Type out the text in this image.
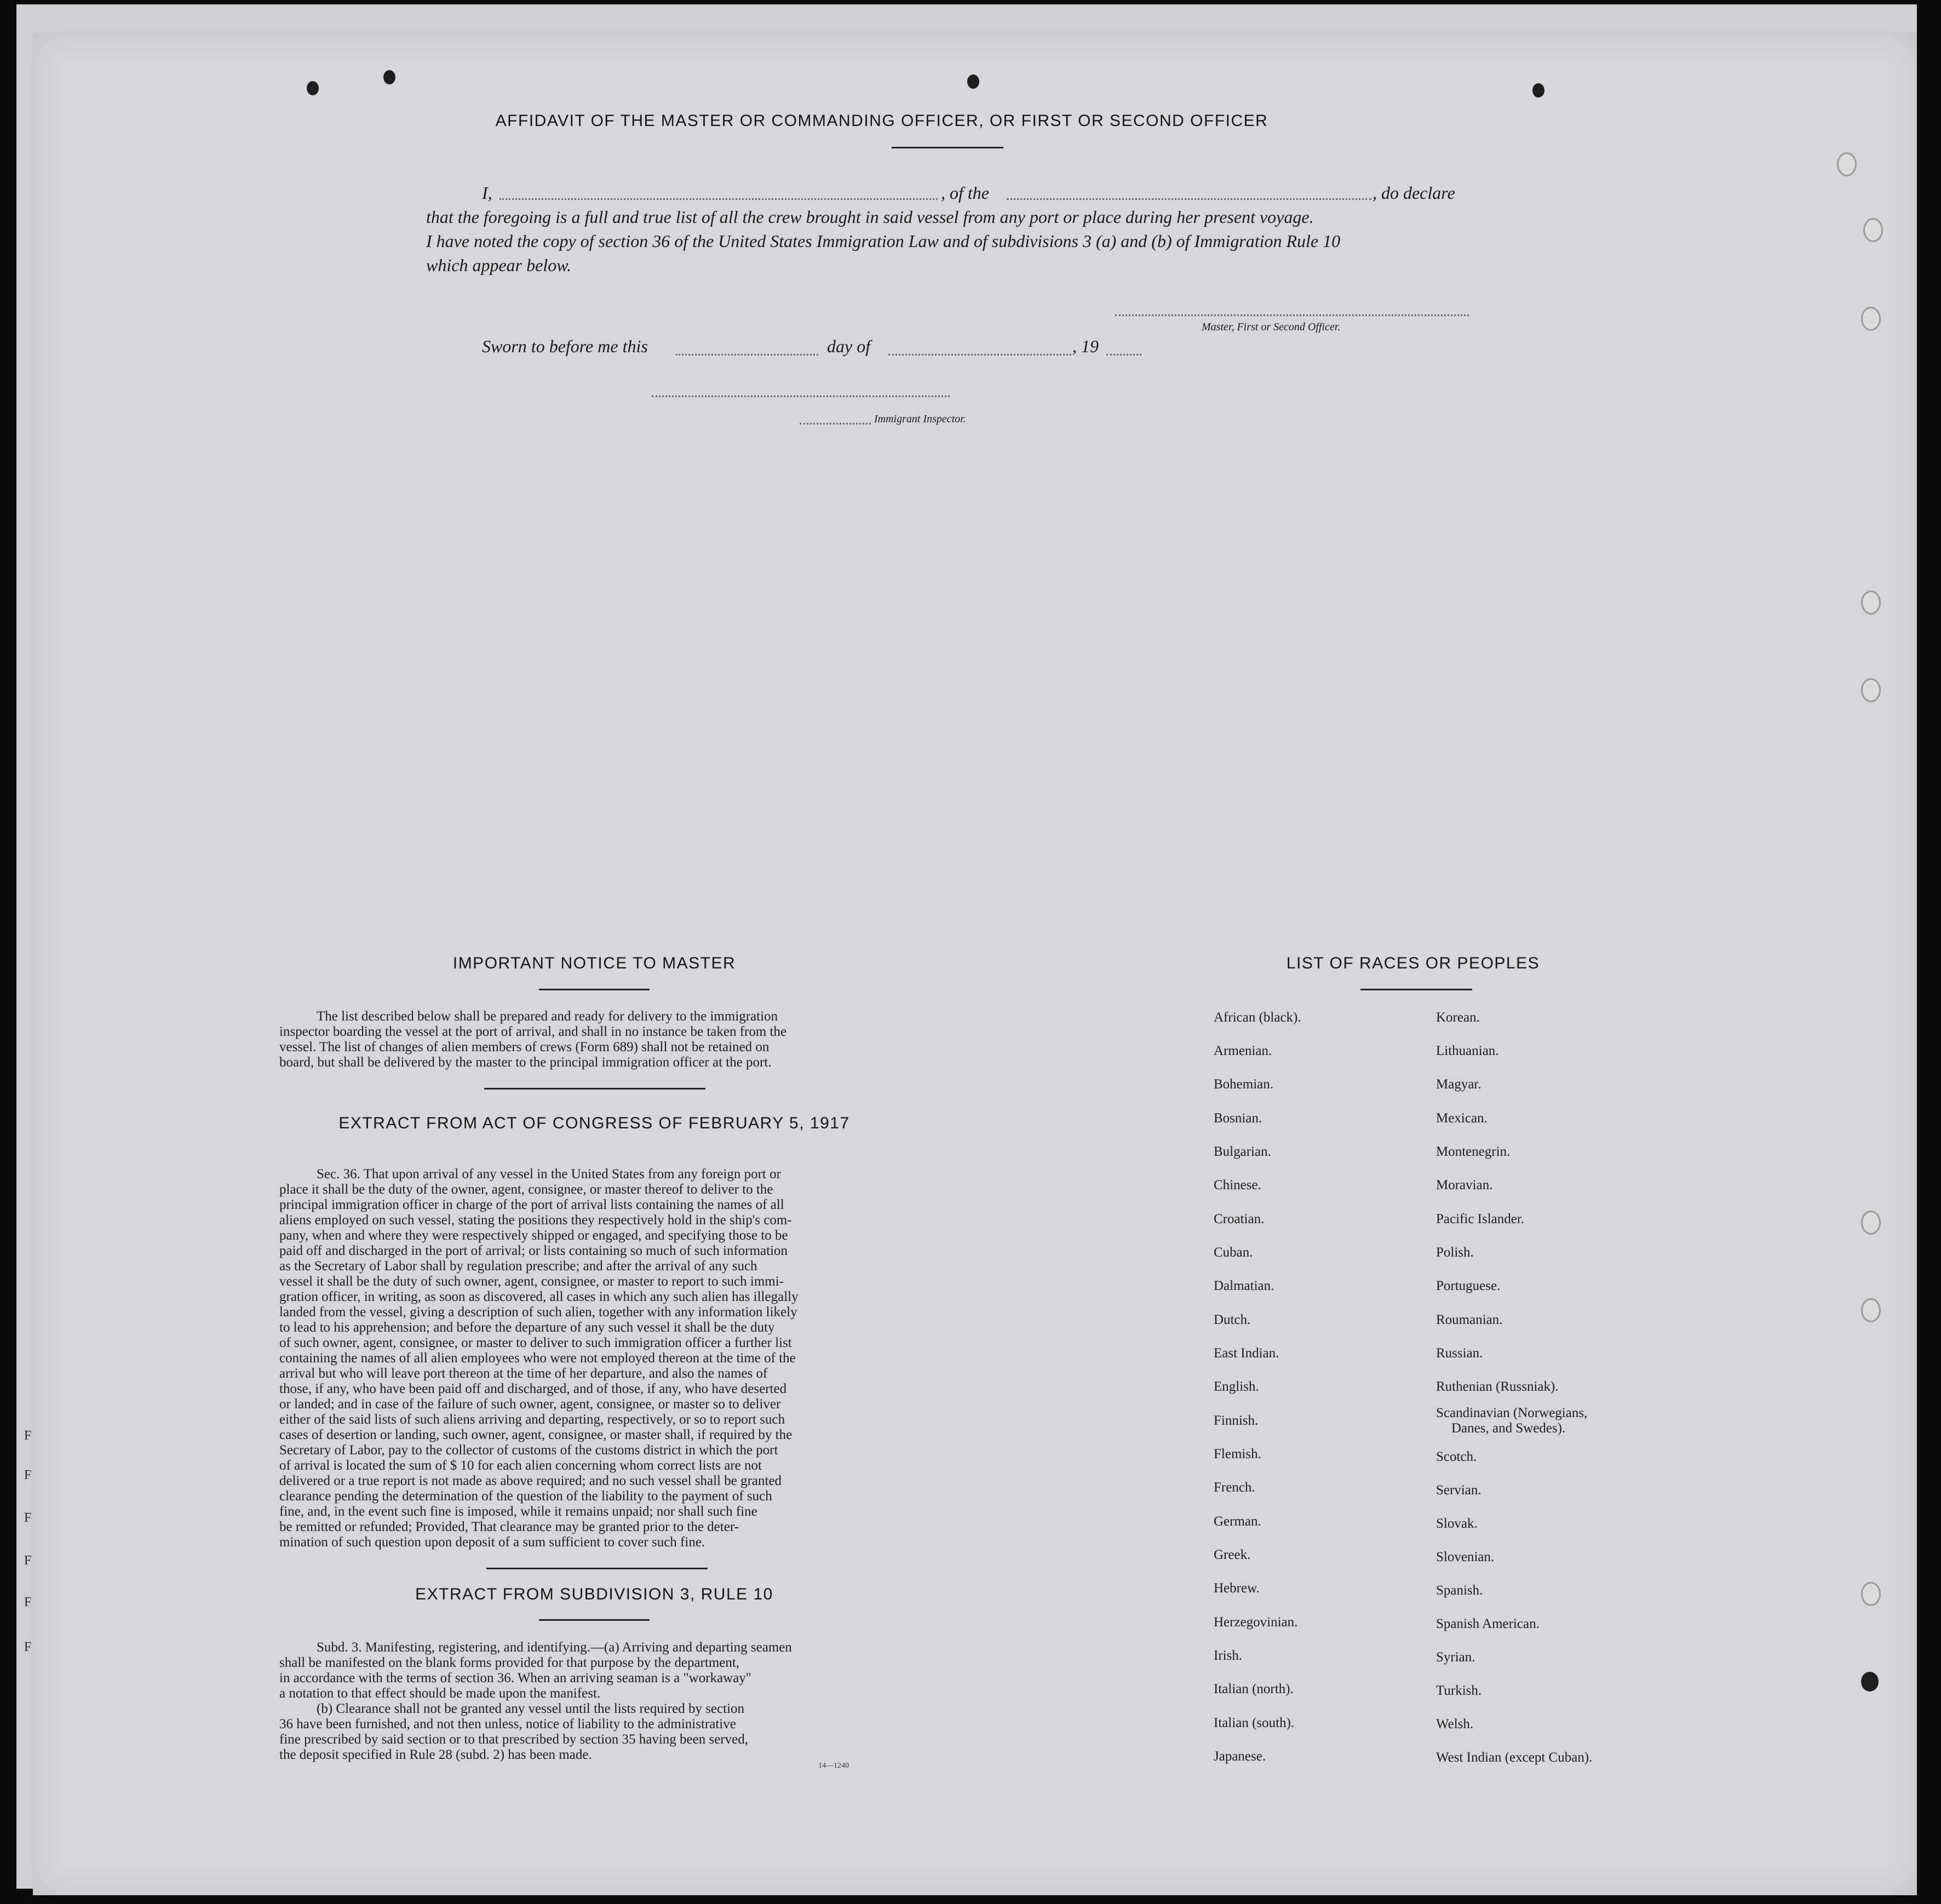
AFFIDAVIT OF THE MASTER OR COMMANDING OFFICER, OR FIRST OR SECOND OFFICER
I,	, of the	, do declare
that the foregoing is a full and true list of all the crew brought in said vessel from any port or place during her present voyage.
I have noted the copy of section 36 of the United States Immigration Law and of subdivisions 3 (a) and (b) of Immigration Rule 10
which appear below.
Master, First or Second Officer.
Sworn to before me this	day of	, 19
Immigrant Inspector.
IMPORTANT NOTICE TO MASTER
The list described below shall be prepared and ready for delivery to the immigration
inspector boarding the vessel at the port of arrival, and shall in no instance be taken from the
vessel. The list of changes of alien members of crews (Form 689) shall not be retained on
board, but shall be delivered by the master to the principal immigration officer at the port.
EXTRACT FROM ACT OF CONGRESS OF FEBRUARY 5, 1917
Sec. 36. That upon arrival of any vessel in the United States from any foreign port or
place it shall be the duty of the owner, agent, consignee, or master thereof to deliver to the
principal immigration officer in charge of the port of arrival lists containing the names of all
aliens employed on such vessel, stating the positions they respectively hold in the ship's com-
pany, when and where they were respectively shipped or engaged, and specifying those to be
paid off and discharged in the port of arrival; or lists containing so much of such information
as the Secretary of Labor shall by regulation prescribe; and after the arrival of any such
vessel it shall be the duty of such owner, agent, consignee, or master to report to such immi-
gration officer, in writing, as soon as discovered, all cases in which any such alien has illegally
landed from the vessel, giving a description of such alien, together with any information likely
to lead to his apprehension; and before the departure of any such vessel it shall be the duty
of such owner, agent, consignee, or master to deliver to such immigration officer a further list
containing the names of all alien employees who were not employed thereon at the time of the
arrival but who will leave port thereon at the time of her departure, and also the names of
those, if any, who have been paid off and discharged, and of those, if any, who have deserted
or landed; and in case of the failure of such owner, agent, consignee, or master so to deliver
either of the said lists of such aliens arriving and departing, respectively, or so to report such
cases of desertion or landing, such owner, agent, consignee, or master shall, if required by the
Secretary of Labor, pay to the collector of customs of the customs district in which the port
of arrival is located the sum of $ 10 for each alien concerning whom correct lists are not
delivered or a true report is not made as above required; and no such vessel shall be granted
clearance pending the determination of the question of the liability to the payment of such
fine, and, in the event such fine is imposed, while it remains unpaid; nor shall such fine
be remitted or refunded; Provided, That clearance may be granted prior to the deter-
mination of such question upon deposit of a sum sufficient to cover such fine.
EXTRACT FROM SUBDIVISION 3, RULE 10
Subd. 3. Manifesting, registering, and identifying.—(a) Arriving and departing seamen
shall be manifested on the blank forms provided for that purpose by the department,
in accordance with the terms of section 36. When an arriving seaman is a "workaway"
a notation to that effect should be made upon the manifest.
(b) Clearance shall not be granted any vessel until the lists required by section
36 have been furnished, and not then unless, notice of liability to the administrative
fine prescribed by said section or to that prescribed by section 35 having been served,
the deposit specified in Rule 28 (subd. 2) has been made.
14—1240
LIST OF RACES OR PEOPLES
African (black).
Armenian.
Bohemian.
Bosnian.
Bulgarian.
Chinese.
Croatian.
Cuban.
Dalmatian.
Dutch.
East Indian.
English.
Finnish.
Flemish.
French.
German.
Greek.
Hebrew.
Herzegovinian.
Irish.
Italian (north).
Italian (south).
Japanese.
Korean.
Lithuanian.
Magyar.
Mexican.
Montenegrin.
Moravian.
Pacific Islander.
Polish.
Portuguese.
Roumanian.
Russian.
Ruthenian (Russniak).
Scandinavian (Norwegians,
Danes, and Swedes).
Scotch.
Servian.
Slovak.
Slovenian.
Spanish.
Spanish American.
Syrian.
Turkish.
Welsh.
West Indian (except Cuban).
F
F
F
F
F
F
